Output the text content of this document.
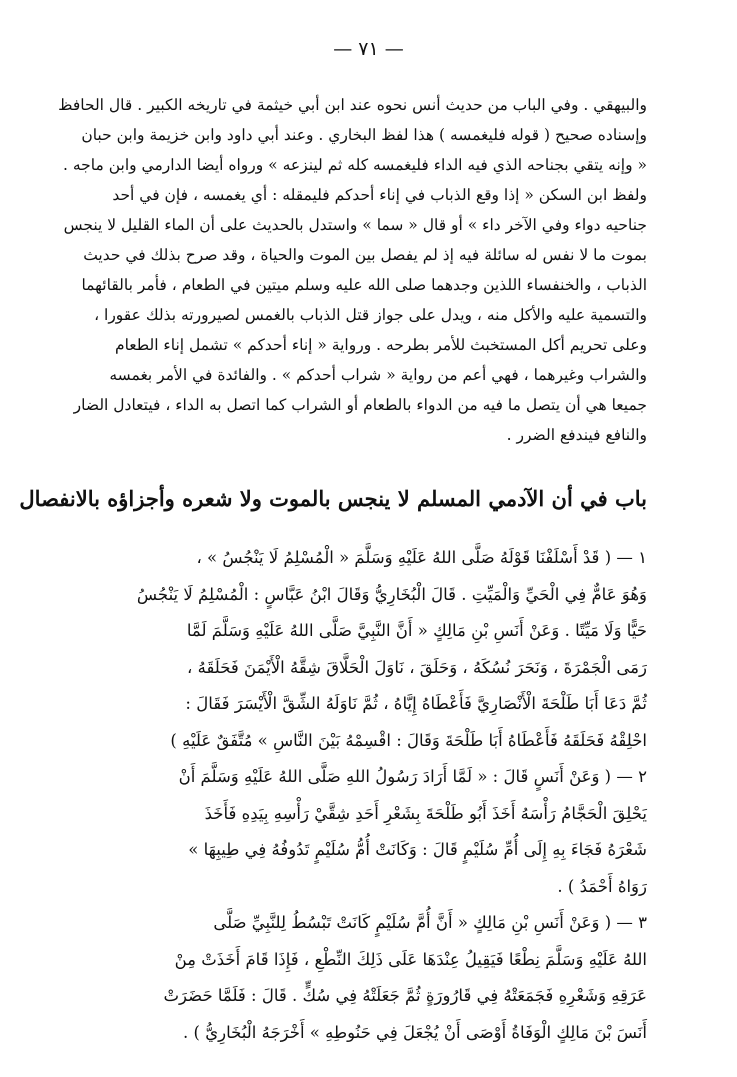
— ٧١ —
والبيهقي . وفي الباب من حديث أنس نحوه عند ابن أبي خيثمة في تاريخه الكبير . قال الحافظ
وإسناده صحيح ( قوله فليغمسه ) هذا لفظ البخاري . وعند أبي داود وابن خزيمة وابن حبان
« وإنه يتقي بجناحه الذي فيه الداء فليغمسه كله ثم لينزعه » ورواه أيضا الدارمي وابن ماجه .
ولفظ ابن السكن « إذا وقع الذباب في إناء أحدكم فليمقله : أي يغمسه ، فإن في أحد
جناحيه دواء وفي الآخر داء » أو قال « سما » واستدل بالحديث على أن الماء القليل لا ينجس
بموت ما لا نفس له سائلة فيه إذ لم يفصل بين الموت والحياة ، وقد صرح بذلك في حديث
الذباب ، والخنفساء اللذين وجدهما صلى الله عليه وسلم ميتين في الطعام ، فأمر بالقائهما
والتسمية عليه والأكل منه ، ويدل على جواز قتل الذباب بالغمس لصيرورته بذلك عقورا ،
وعلى تحريم أكل المستخبث للأمر بطرحه . ورواية « إناء أحدكم » تشمل إناء الطعام
والشراب وغيرهما ، فهي أعم من رواية « شراب أحدكم » . والفائدة في الأمر بغمسه
جميعا هي أن يتصل ما فيه من الدواء بالطعام أو الشراب كما اتصل به الداء ، فيتعادل الضار
والنافع فيندفع الضرر .
باب في أن الآدمي المسلم لا ينجس بالموت ولا شعره وأجزاؤه بالانفصال
١ — ( قَدْ أَسْلَفْنَا قَوْلَهُ صَلَّى اللهُ عَلَيْهِ وَسَلَّمَ « الْمُسْلِمُ لَا يَنْجُسُ » ،
وَهُوَ عَامٌّ فِي الْحَيِّ وَالْمَيِّتِ . قَالَ الْبُخَارِيُّ وَقَالَ ابْنُ عَبَّاسٍ : الْمُسْلِمُ لَا يَنْجُسُ
حَيًّا وَلَا مَيِّتًا . وَعَنْ أَنَسِ بْنِ مَالِكٍ « أَنَّ النَّبِيَّ صَلَّى اللهُ عَلَيْهِ وَسَلَّمَ لَمَّا
رَمَى الْجَمْرَةَ ، وَنَحَرَ نُسُكَهُ ، وَحَلَقَ ، نَاوَلَ الْحَلَّاقَ شِقَّهُ الْأَيْمَنَ فَحَلَقَهُ ،
ثُمَّ دَعَا أَبَا طَلْحَةَ الْأَنْصَارِيَّ فَأَعْطَاهُ إِيَّاهُ ، ثُمَّ نَاوَلَهُ الشِّقَّ الْأَيْسَرَ فَقَالَ :
احْلِقْهُ فَحَلَقَهُ فَأَعْطَاهُ أَبَا طَلْحَةَ وَقَالَ : اقْسِمْهُ بَيْنَ النَّاسِ » مُتَّفَقٌ عَلَيْهِ )
٢ — ( وَعَنْ أَنَسٍ قَالَ : « لَمَّا أَرَادَ رَسُولُ اللهِ صَلَّى اللهُ عَلَيْهِ وَسَلَّمَ أَنْ
يَحْلِقَ الْحَجَّامُ رَأْسَهُ أَخَذَ أَبُو طَلْحَةَ بِشَعْرِ أَحَدِ شِقَّيْ رَأْسِهِ بِيَدِهِ فَأَخَذَ
شَعْرَهُ فَجَاءَ بِهِ إِلَى أُمِّ سُلَيْمٍ قَالَ : وَكَانَتْ أُمُّ سُلَيْمٍ تَدُوفُهُ فِي طِيبِهَا »
رَوَاهُ أَحْمَدُ ) .
٣ — ( وَعَنْ أَنَسِ بْنِ مَالِكٍ « أَنَّ أُمَّ سُلَيْمٍ كَانَتْ تَبْسُطُ لِلنَّبِيِّ صَلَّى
اللهُ عَلَيْهِ وَسَلَّمَ نِطْعًا فَيَقِيلُ عِنْدَهَا عَلَى ذَلِكَ النِّطْعِ ، فَإِذَا قَامَ أَخَذَتْ مِنْ
عَرَقِهِ وَشَعْرِهِ فَجَمَعَتْهُ فِي قَارُورَةٍ ثُمَّ جَعَلَتْهُ فِي سُكٍّ . قَالَ : فَلَمَّا حَضَرَتْ
أَنَسَ بْنَ مَالِكٍ الْوَفَاةُ أَوْصَى أَنْ يُجْعَلَ فِي حَنُوطِهِ » أَخْرَجَهُ الْبُخَارِيُّ ) .
